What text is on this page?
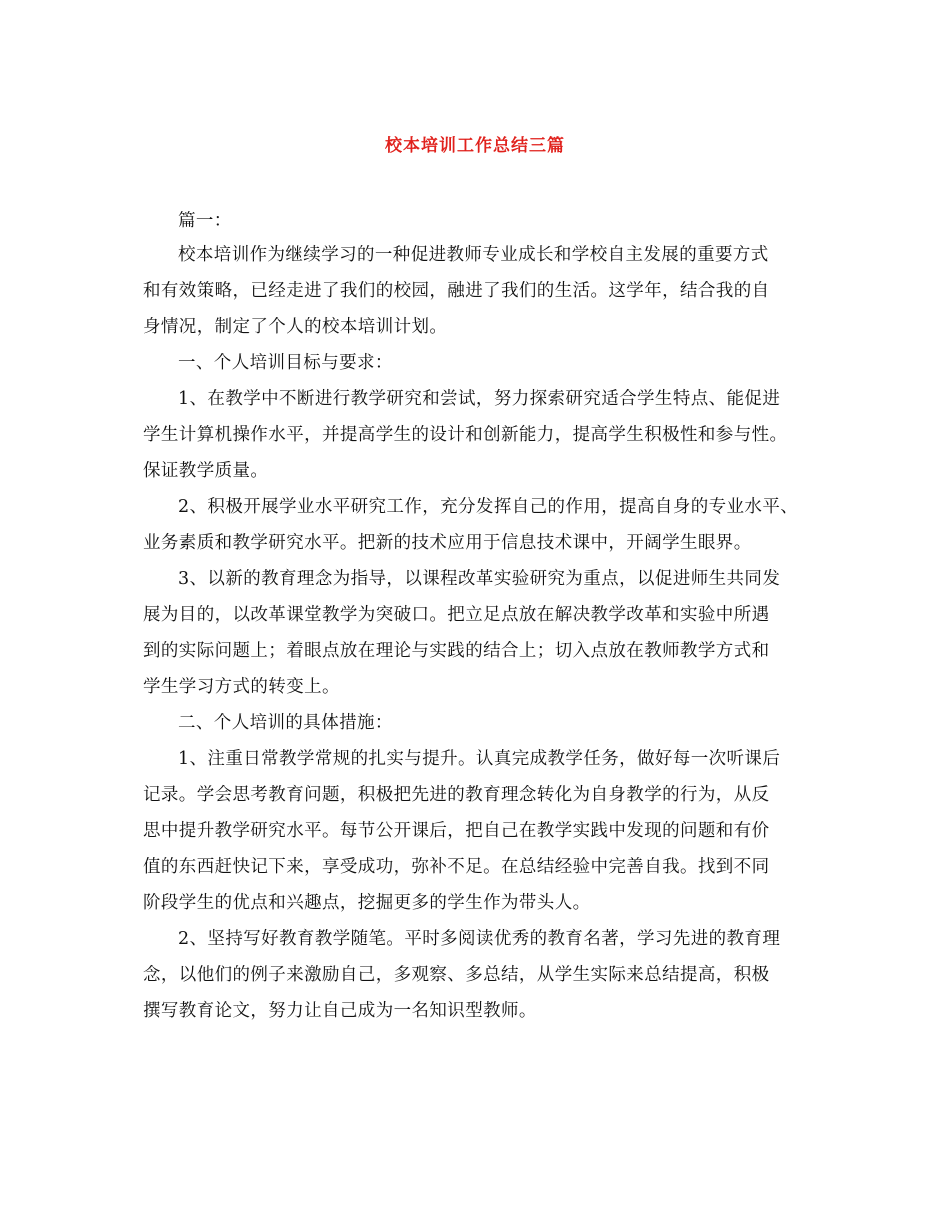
校本培训工作总结三篇
篇一：
校本培训作为继续学习的一种促进教师专业成长和学校自主发展的重要方式
和有效策略，已经走进了我们的校园，融进了我们的生活。这学年，结合我的自
身情况，制定了个人的校本培训计划。
一、个人培训目标与要求：
1、在教学中不断进行教学研究和尝试，努力探索研究适合学生特点、能促进
学生计算机操作水平，并提高学生的设计和创新能力，提高学生积极性和参与性。
保证教学质量。
2、积极开展学业水平研究工作，充分发挥自己的作用，提高自身的专业水平、
业务素质和教学研究水平。把新的技术应用于信息技术课中，开阔学生眼界。
3、以新的教育理念为指导，以课程改革实验研究为重点，以促进师生共同发
展为目的，以改革课堂教学为突破口。把立足点放在解决教学改革和实验中所遇
到的实际问题上；着眼点放在理论与实践的结合上；切入点放在教师教学方式和
学生学习方式的转变上。
二、个人培训的具体措施：
1、注重日常教学常规的扎实与提升。认真完成教学任务，做好每一次听课后
记录。学会思考教育问题，积极把先进的教育理念转化为自身教学的行为，从反
思中提升教学研究水平。每节公开课后，把自己在教学实践中发现的问题和有价
值的东西赶快记下来，享受成功，弥补不足。在总结经验中完善自我。找到不同
阶段学生的优点和兴趣点，挖掘更多的学生作为带头人。
2、坚持写好教育教学随笔。平时多阅读优秀的教育名著，学习先进的教育理
念，以他们的例子来激励自己，多观察、多总结，从学生实际来总结提高，积极
撰写教育论文，努力让自己成为一名知识型教师。
